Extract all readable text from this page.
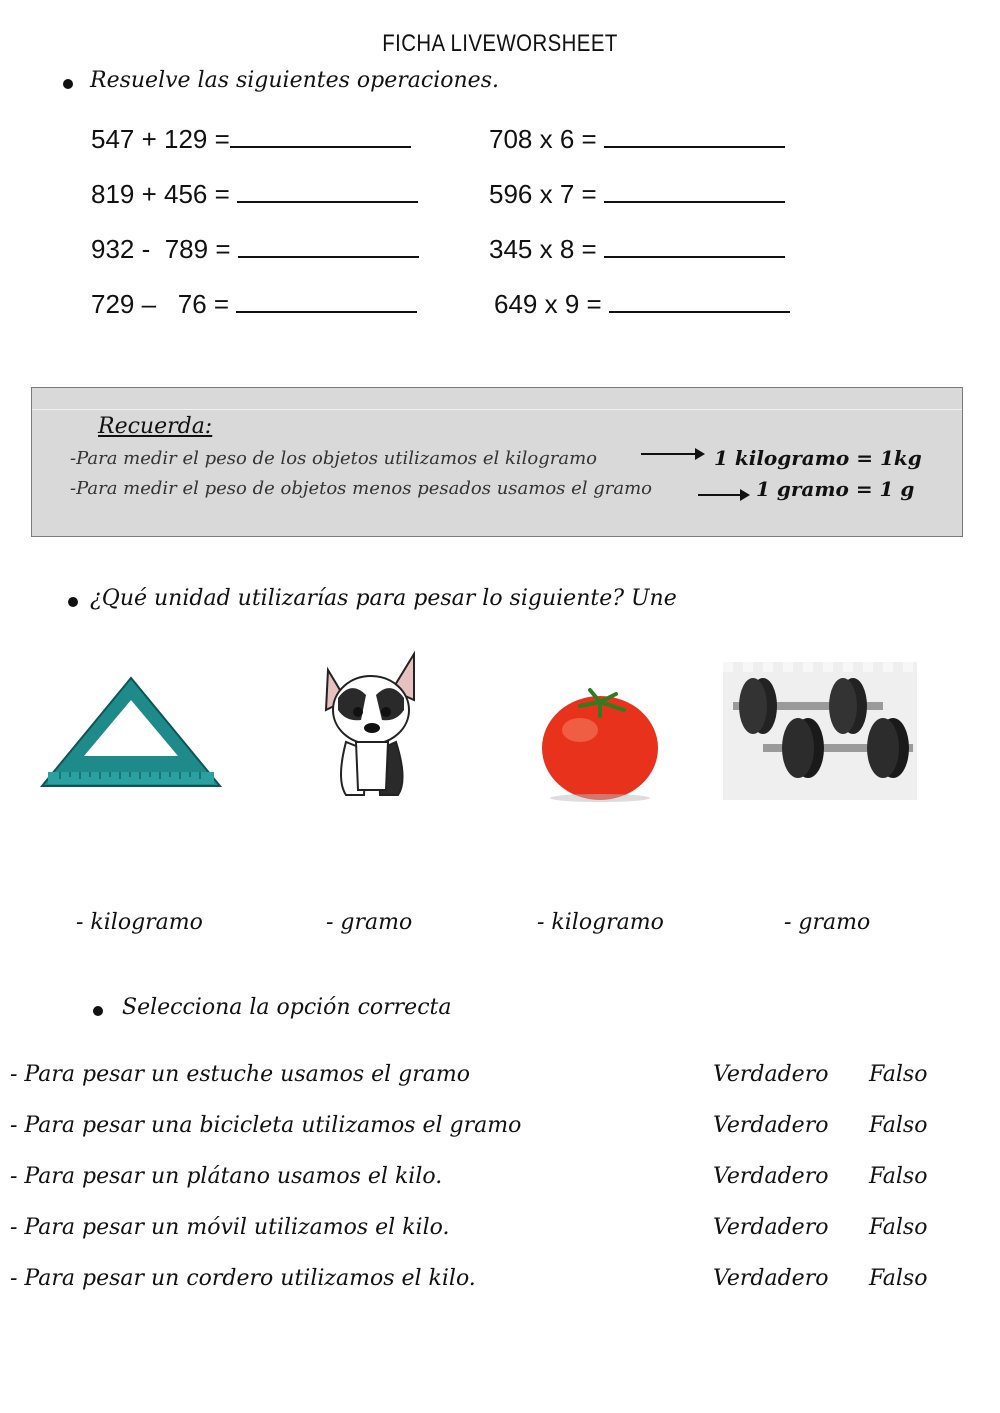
FICHA LIVEWORSHEET
Resuelve las siguientes operaciones.
547 + 129 =
819 + 456 =
932 -  789 =
729 –   76 =
708 x 6 =
596 x 7 =
345 x 8 =
649 x 9 =
Recuerda:
-Para medir el peso de los objetos utilizamos el kilogramo	1 kilogramo = 1kg
-Para medir el peso de objetos menos pesados usamos el gramo	1 gramo = 1 g
¿Qué unidad utilizarías para pesar lo siguiente? Une
- kilogramo	- gramo	- kilogramo	- gramo
Selecciona la opción correcta
- Para pesar un estuche usamos el gramo	Verdadero Falso
- Para pesar una bicicleta utilizamos el gramo	Verdadero Falso
- Para pesar un plátano usamos el kilo.	Verdadero Falso
- Para pesar un móvil utilizamos el kilo.	Verdadero Falso
- Para pesar un cordero utilizamos el kilo.	Verdadero Falso
